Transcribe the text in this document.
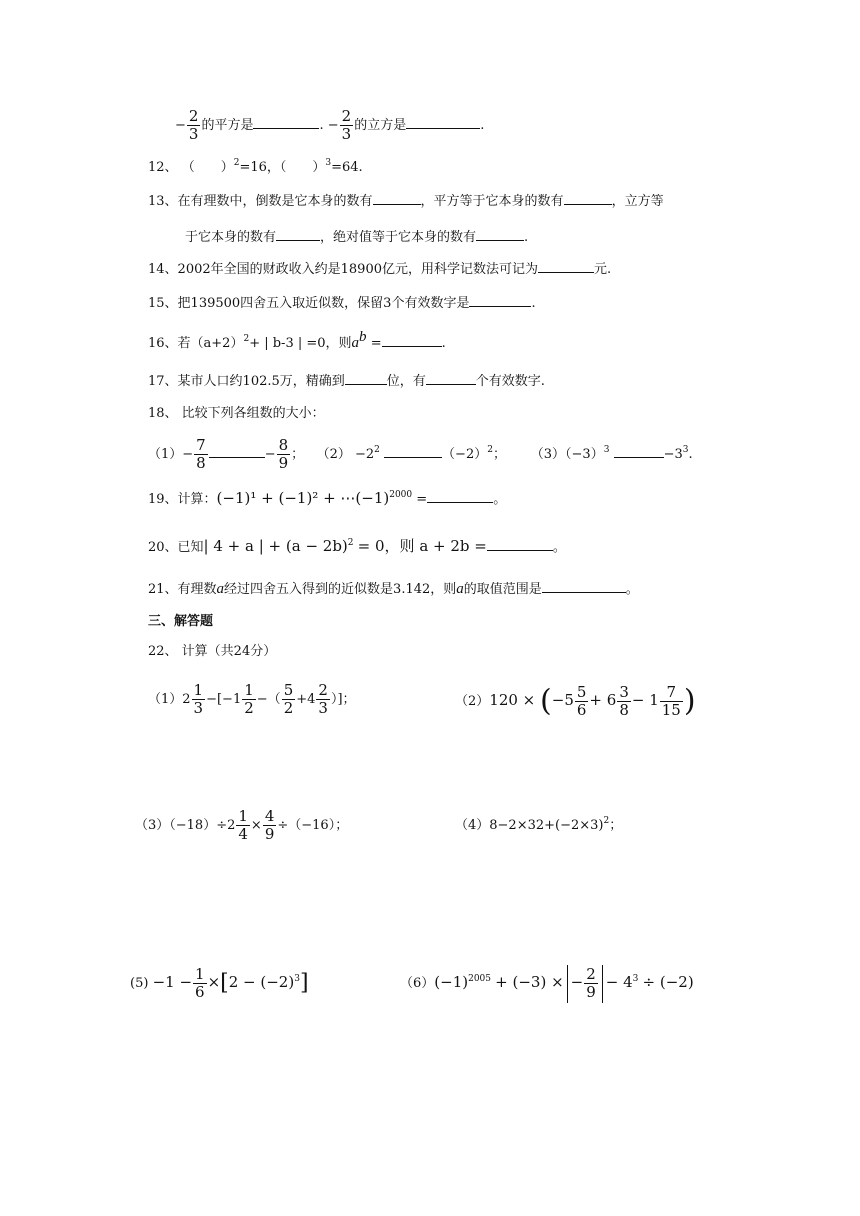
− $\frac{2}{3}$ 的平方是	. − $\frac{2}{3}$ 的立方是	.
12、 （　　）$^2$=16，（　　）$^3$=64.
13、在有理数中，倒数是它本身的数有	，平方等于它本身的数有	，立方等
于它本身的数有	，绝对值等于它本身的数有	.
14、2002年全国的财政收入约是18900亿元，用科学记数法可记为	元.
15、把139500四舍五入取近似数，保留3个有效数字是	.
16、若$(a+2)^2+$ | b-3 | =0，则$a^b$ =	.
17、某市人口约102.5万，精确到	位，有	个有效数字.
18、 比较下列各组数的大小：
$(1)- \frac{7}{8}$	− $\frac{8}{9}$ ； $(2) -2^2$	$(-2)^2$； $(3)(-3)^3$	$-3^3$.
19、计算：$(-1)^1 + (-1)^2 + \cdots(-1)^{2000}$ =	。
20、已知| 4 + a | + $(a - 2b)^2 = 0$，则 a + 2b =	。
21、有理数a经过四舍五入得到的近似数是3.142，则a的取值范围是	。
三、解答题
22、 计算（共24分）
$(1)2 \frac{1}{3} -[-1 \frac{1}{2}$ −（ $\frac{5}{2} +4 \frac{2}{3}$ ）]；	$(2)120 \times (-5 \frac{5}{6} + 6 \frac{3}{8} - 1 \frac{7}{15}$ )
$(3)(-18)\div 2 \frac{1}{4} \times \frac{4}{9} \div(-16)$；	$(4)8-2\times 32+(-2\times 3)^2$；
$(5) -1 - \frac{1}{6} \times[2 - (-2)^3]$	$(6)(-1)^{2005} + (-3)$ × − $\frac{2}{9} - 4^3 \div (-2)$
